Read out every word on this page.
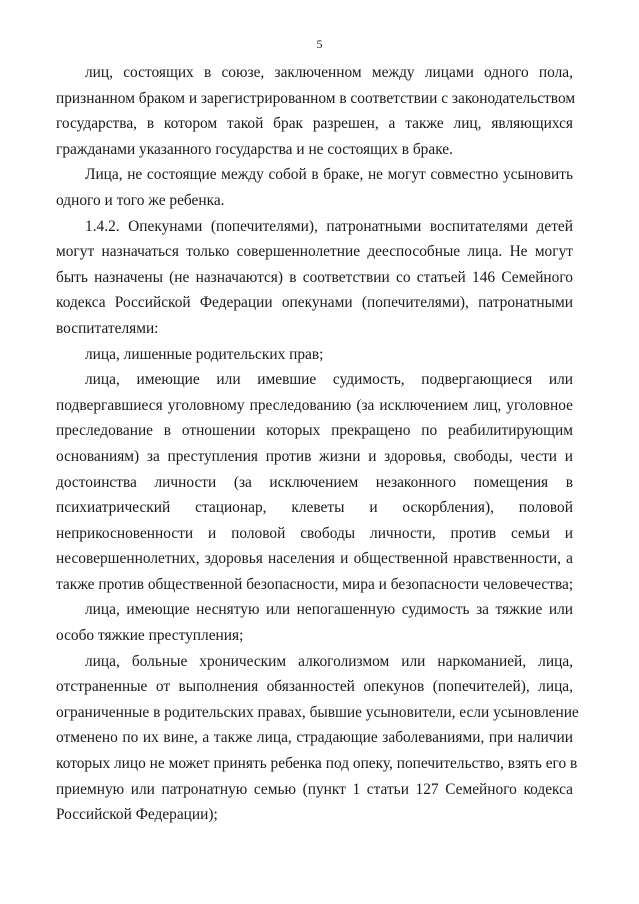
5
лиц, состоящих в союзе, заключенном между лицами одного пола,
признанном браком и зарегистрированном в соответствии с законодательством
государства, в котором такой брак разрешен, а также лиц, являющихся
гражданами указанного государства и не состоящих в браке.
Лица, не состоящие между собой в браке, не могут совместно усыновить
одного и того же ребенка.
1.4.2. Опекунами (попечителями), патронатными воспитателями детей
могут назначаться только совершеннолетние дееспособные лица. Не могут
быть назначены (не назначаются) в соответствии со статьей 146 Семейного
кодекса Российской Федерации опекунами (попечителями), патронатными
воспитателями:
лица, лишенные родительских прав;
лица, имеющие или имевшие судимость, подвергающиеся или
подвергавшиеся уголовному преследованию (за исключением лиц, уголовное
преследование в отношении которых прекращено по реабилитирующим
основаниям) за преступления против жизни и здоровья, свободы, чести и
достоинства личности (за исключением незаконного помещения в
психиатрический стационар, клеветы и оскорбления), половой
неприкосновенности и половой свободы личности, против семьи и
несовершеннолетних, здоровья населения и общественной нравственности, а
также против общественной безопасности, мира и безопасности человечества;
лица, имеющие неснятую или непогашенную судимость за тяжкие или
особо тяжкие преступления;
лица, больные хроническим алкоголизмом или наркоманией, лица,
отстраненные от выполнения обязанностей опекунов (попечителей), лица,
ограниченные в родительских правах, бывшие усыновители, если усыновление
отменено по их вине, а также лица, страдающие заболеваниями, при наличии
которых лицо не может принять ребенка под опеку, попечительство, взять его в
приемную или патронатную семью (пункт 1 статьи 127 Семейного кодекса
Российской Федерации);
